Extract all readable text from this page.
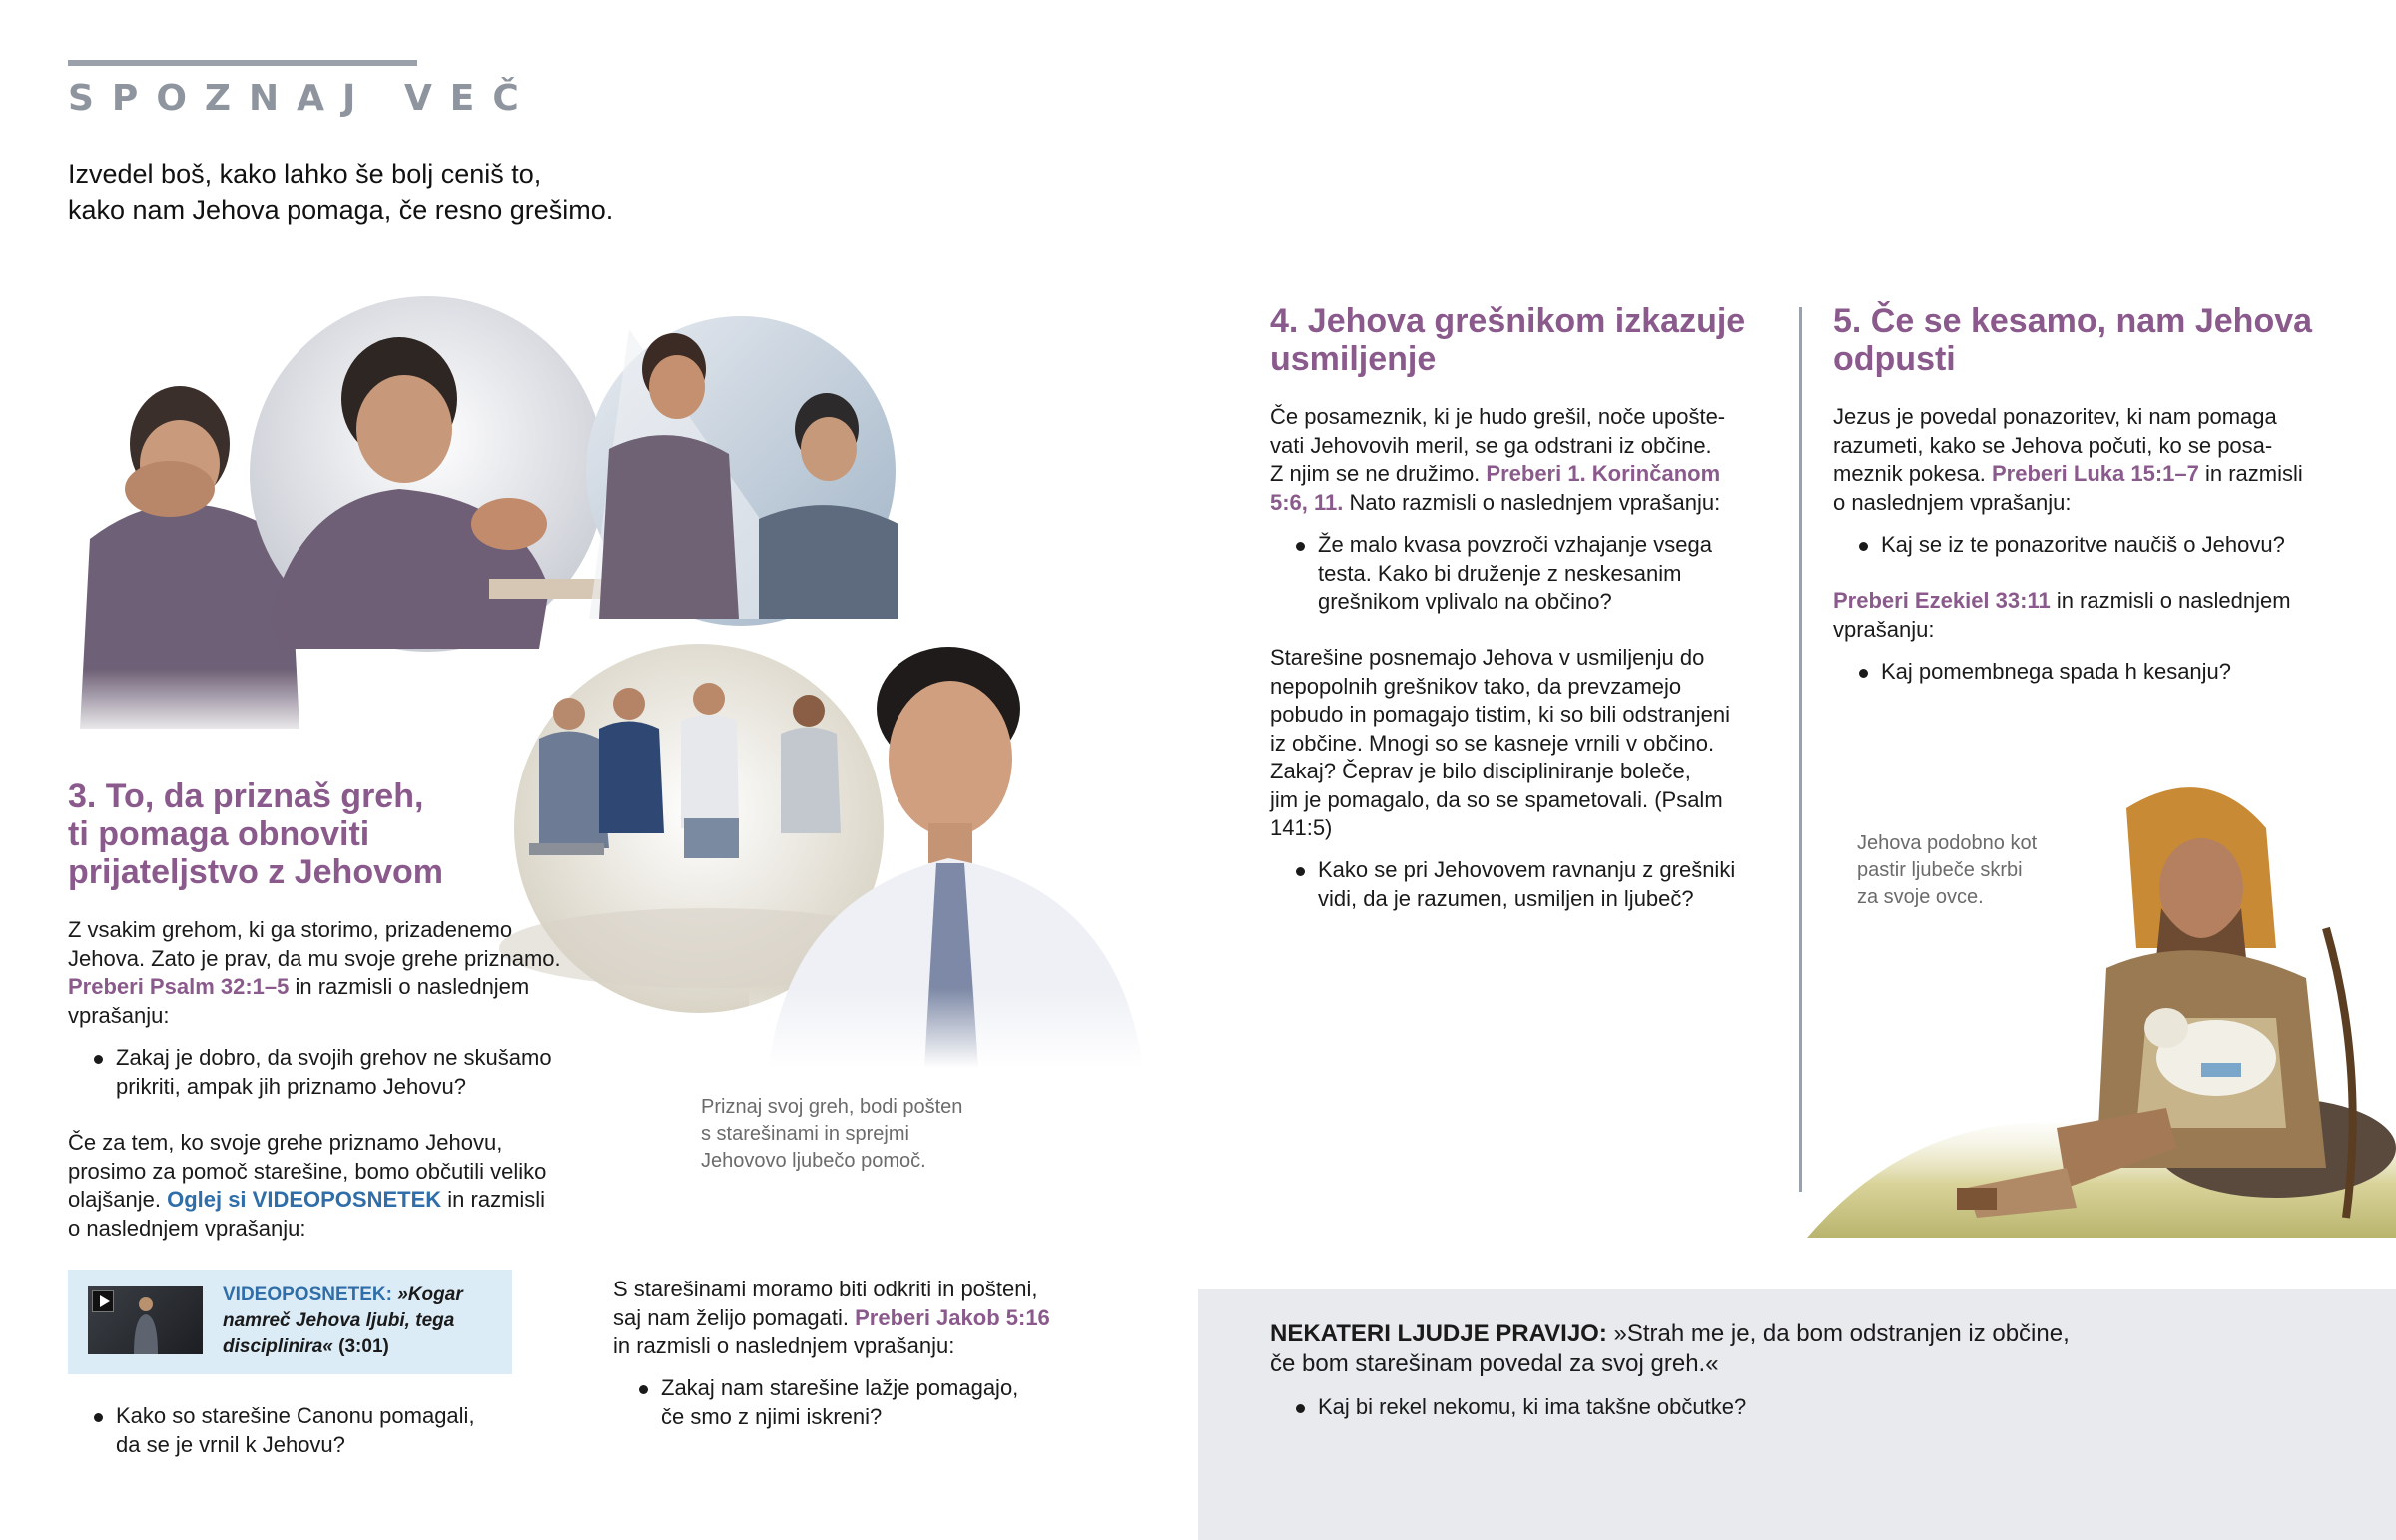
SPOZNAJ VEČ
Izvedel boš, kako lahko še bolj ceniš to,
kako nam Jehova pomaga, če resno grešimo.
3. To, da priznaš greh,
ti pomaga obnoviti
prijateljstvo z Jehovom
Z vsakim grehom, ki ga storimo, prizadenemo
Jehova. Zato je prav, da mu svoje grehe priznamo.
Preberi Psalm 32:1–5 in razmisli o naslednjem
vprašanju:
Zakaj je dobro, da svojih grehov ne skušamo
prikriti, ampak jih priznamo Jehovu?
Če za tem, ko svoje grehe priznamo Jehovu,
prosimo za pomoč starešine, bomo občutili veliko
olajšanje. Oglej si VIDEOPOSNETEK in razmisli
o naslednjem vprašanju:
VIDEOPOSNETEK: »Kogar namreč Jehova ljubi, tega disciplinira« (3:01)
Kako so starešine Canonu pomagali,
da se je vrnil k Jehovu?
Priznaj svoj greh, bodi pošten
s starešinami in sprejmi
Jehovovo ljubečo pomoč.
S starešinami moramo biti odkriti in pošteni,
saj nam želijo pomagati. Preberi Jakob 5:16
in razmisli o naslednjem vprašanju:
Zakaj nam starešine lažje pomagajo,
če smo z njimi iskreni?
4. Jehova grešnikom izkazuje
usmiljenje
Če posameznik, ki je hudo grešil, noče upošte-
vati Jehovovih meril, se ga odstrani iz občine.
Z njim se ne družimo. Preberi 1. Korinčanom
5:6, 11. Nato razmisli o naslednjem vprašanju:
Že malo kvasa povzroči vzhajanje vsega
testa. Kako bi druženje z neskesanim
grešnikom vplivalo na občino?
Starešine posnemajo Jehova v usmiljenju do
nepopolnih grešnikov tako, da prevzamejo
pobudo in pomagajo tistim, ki so bili odstranjeni
iz občine. Mnogi so se kasneje vrnili v občino.
Zakaj? Čeprav je bilo discipliniranje boleče,
jim je pomagalo, da so se spametovali. (Psalm
141:5)
Kako se pri Jehovovem ravnanju z grešniki
vidi, da je razumen, usmiljen in ljubeč?
5. Če se kesamo, nam Jehova
odpusti
Jezus je povedal ponazoritev, ki nam pomaga
razumeti, kako se Jehova počuti, ko se posa-
meznik pokesa. Preberi Luka 15:1–7 in razmisli
o naslednjem vprašanju:
Kaj se iz te ponazoritve naučiš o Jehovu?
Preberi Ezekiel 33:11 in razmisli o naslednjem
vprašanju:
Kaj pomembnega spada h kesanju?
Jehova podobno kot
pastir ljubeče skrbi
za svoje ovce.
NEKATERI LJUDJE PRAVIJO: »Strah me je, da bom odstranjen iz občine,
če bom starešinam povedal za svoj greh.«
Kaj bi rekel nekomu, ki ima takšne občutke?
